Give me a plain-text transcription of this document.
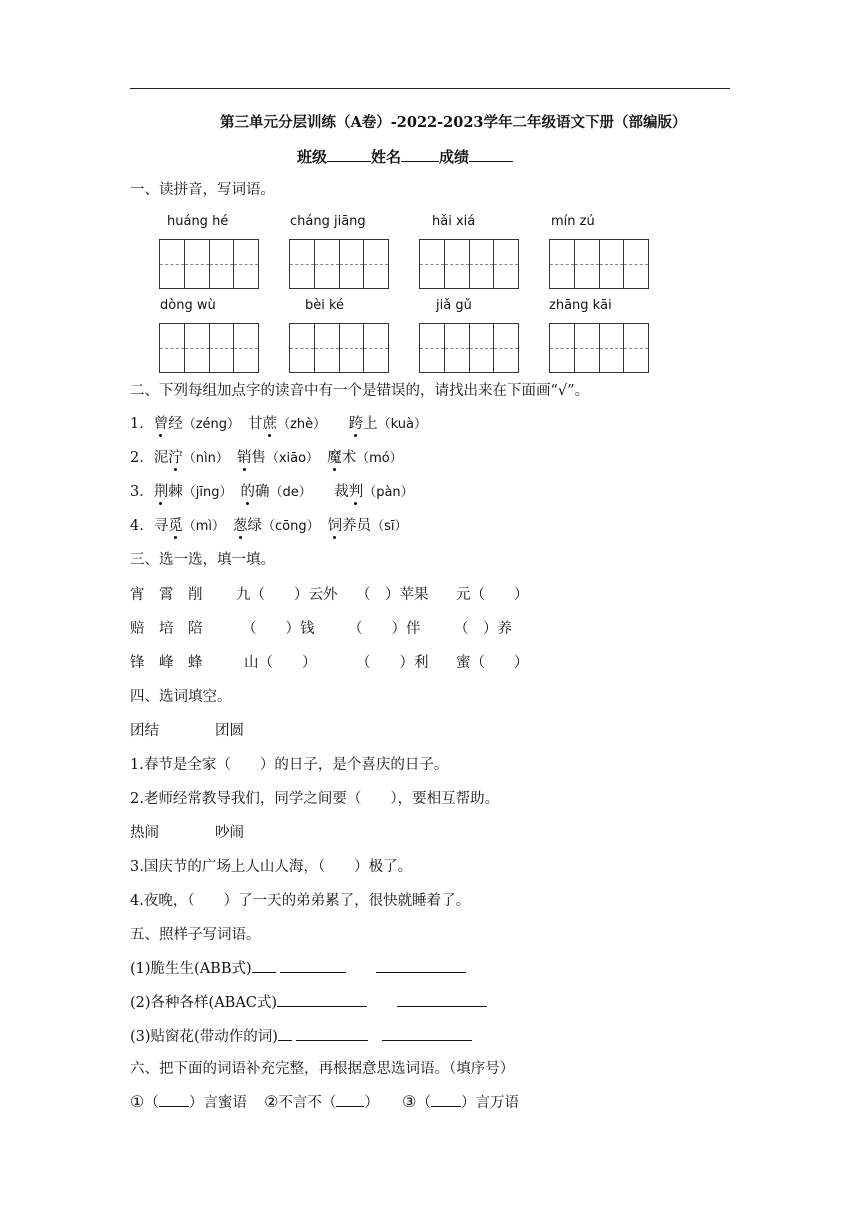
第三单元分层训练（A卷）-2022-2023学年二年级语文下册（部编版）
班级	姓名	成绩
一、读拼音，写词语。
huáng hé	cháng jiāng	hǎi xiá	mín zú
dòng wù	bèi ké	jiǎ gǔ	zhāng kāi
二、下列每组加点字的读音中有一个是错误的，请找出来在下面画“√”。
1．曾经（zéng）　 甘蔗（zhè）　　 跨上（kuà）
2．泥泞（nìn）　 销售（xiāo）　 魔术（mó）
3．荆棘（jīng）　 的确（de）　　 裁判（pàn）
4．寻觅（mì）　 葱绿（cōng）　 饲养员（sī）
三、选一选，填一填。
宵　霄　削 九（　　）云外 （　）苹果 元（　　）
赔　培　陪	（　　）钱 （　　）伴 （　）养
锋　峰　蜂	山（　　）	（　　）利 蜜（　　）
四、选词填空。
团结	团圆
1.春节是全家（　　）的日子，是个喜庆的日子。
2.老师经常教导我们，同学之间要（　　），要相互帮助。
热闹	吵闹
3.国庆节的广场上人山人海，（　　）极了。
4.夜晚，（　　）了一天的弟弟累了，很快就睡着了。
五、照样子写词语。
(1)脆生生(ABB式)
(2)各种各样(ABAC式)
(3)贴窗花(带动作的词)
六、把下面的词语补充完整，再根据意思选词语。（填序号）
①（ ）言蜜语 ②不言不（ ） ③（ ）言万语
